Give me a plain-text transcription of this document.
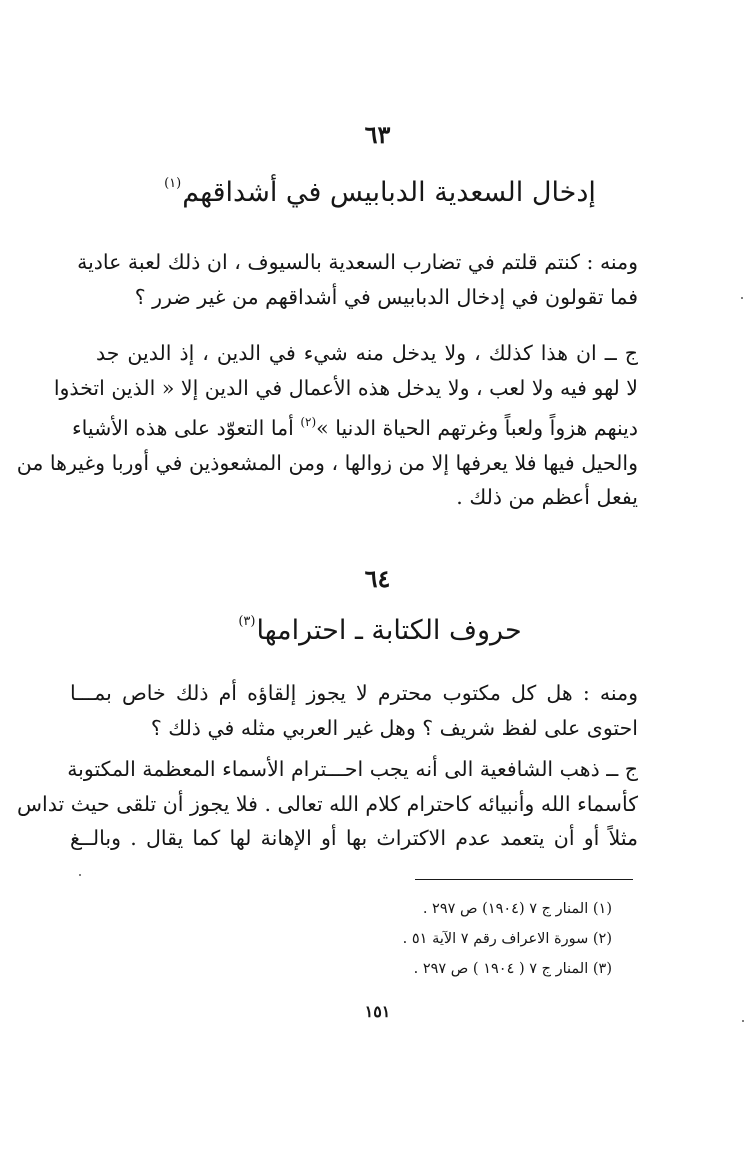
٦٣
إدخال السعدية الدبابيس في أشداقهم$^{(١)}$
ومنه : كنتم قلتم في تضارب السعدية بالسيوف ، ان ذلك لعبة عادية
فما تقولون في إدخال الدبابيس في أشداقهم من غير ضرر ؟
ج ــ ان هذا كذلك ، ولا يدخل منه شيء في الدين ، إذ الدين جد
لا لهو فيه ولا لعب ، ولا يدخل هذه الأعمال في الدين إلا « الذين اتخذوا
دينهم هزواً ولعباً وغرتهم الحياة الدنيا »$^{(٢)}$ أما التعوّد على هذه الأشياء
والحيل فيها فلا يعرفها إلا من زوالها ، ومن المشعوذين في أوربا وغيرها من
يفعل أعظم من ذلك .
٦٤
حروف الكتابة ـ احترامها$^{(٣)}$
ومنه : هل كل مكتوب محترم لا يجوز إلقاؤه أم ذلك خاص بمـــا
احتوى على لفظ شريف ؟ وهل غير العربي مثله في ذلك ؟
ج ــ ذهب الشافعية الى أنه يجب احـــترام الأسماء المعظمة المكتوبة
كأسماء الله وأنبيائه كاحترام كلام الله تعالى . فلا يجوز أن تلقى حيث تداس
مثلاً أو أن يتعمد عدم الاكتراث بها أو الإهانة لها كما يقال . وبالــغ
(١) المنار ج ٧ (١٩٠٤) ص ٢٩٧ .
(٢) سورة الاعراف رقم ٧ الآية ٥١ .
(٣) المنار ج ٧ ( ١٩٠٤ ) ص ٢٩٧ .
١٥١
